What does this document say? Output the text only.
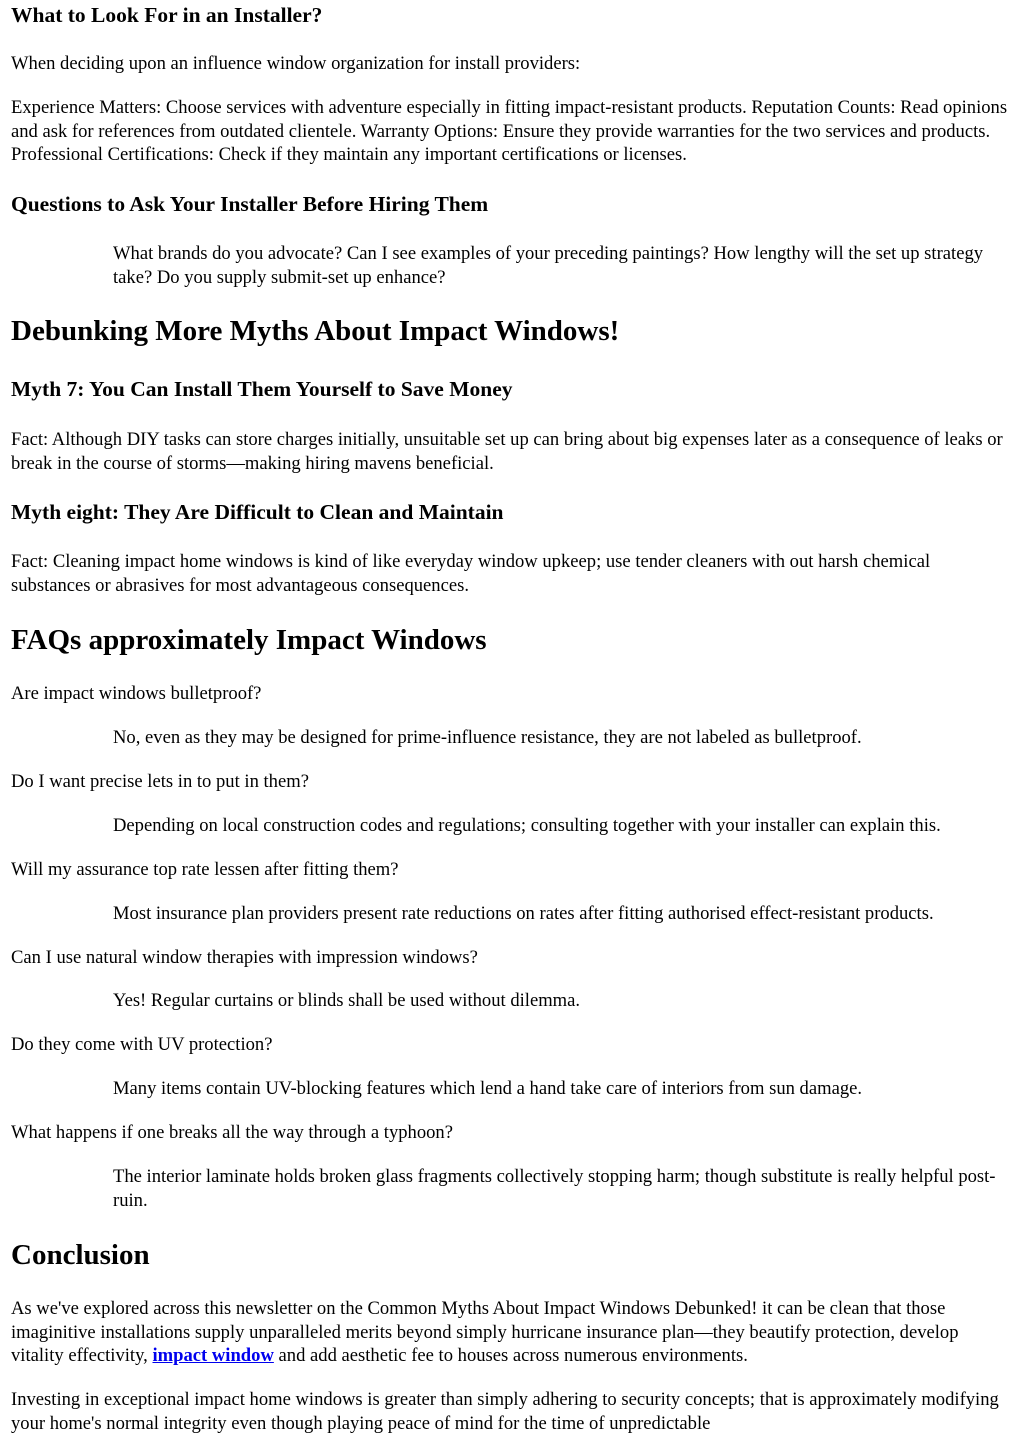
What to Look For in an Installer?

When deciding upon an influence window organization for install providers:

Experience Matters: Choose services with adventure especially in fitting impact-resistant products. Reputation Counts: Read opinions and ask for references from outdated clientele. Warranty Options: Ensure they provide warranties for the two services and products. Professional Certifications: Check if they maintain any important certifications or licenses.

Questions to Ask Your Installer Before Hiring Them
What brands do you advocate? Can I see examples of your preceding paintings? How lengthy will the set up strategy take? Do you supply submit-set up enhance?
Debunking More Myths About Impact Windows!
Myth 7: You Can Install Them Yourself to Save Money

Fact: Although DIY tasks can store charges initially, unsuitable set up can bring about big expenses later as a consequence of leaks or break in the course of storms—making hiring mavens beneficial.

Myth eight: They Are Difficult to Clean and Maintain

Fact: Cleaning impact home windows is kind of like everyday window upkeep; use tender cleaners with out harsh chemical substances or abrasives for most advantageous consequences.

FAQs approximately Impact Windows

Are impact windows bulletproof?

No, even as they may be designed for prime-influence resistance, they are not labeled as bulletproof.

Do I want precise lets in to put in them?

Depending on local construction codes and regulations; consulting together with your installer can explain this.

Will my assurance top rate lessen after fitting them?

Most insurance plan providers present rate reductions on rates after fitting authorised effect-resistant products.

Can I use natural window therapies with impression windows?

Yes! Regular curtains or blinds shall be used without dilemma.

Do they come with UV protection?

Many items contain UV-blocking features which lend a hand take care of interiors from sun damage.

What happens if one breaks all the way through a typhoon?

The interior laminate holds broken glass fragments collectively stopping harm; though substitute is really helpful post-ruin.
Conclusion

As we've explored across this newsletter on the Common Myths About Impact Windows Debunked! it can be clean that those imaginitive installations supply unparalleled merits beyond simply hurricane insurance plan—they beautify protection, develop vitality effectivity, impact window and add aesthetic fee to houses across numerous environments.

Investing in exceptional impact home windows is greater than simply adhering to security concepts; that is approximately modifying your home's normal integrity even though playing peace of mind for the time of unpredictable
